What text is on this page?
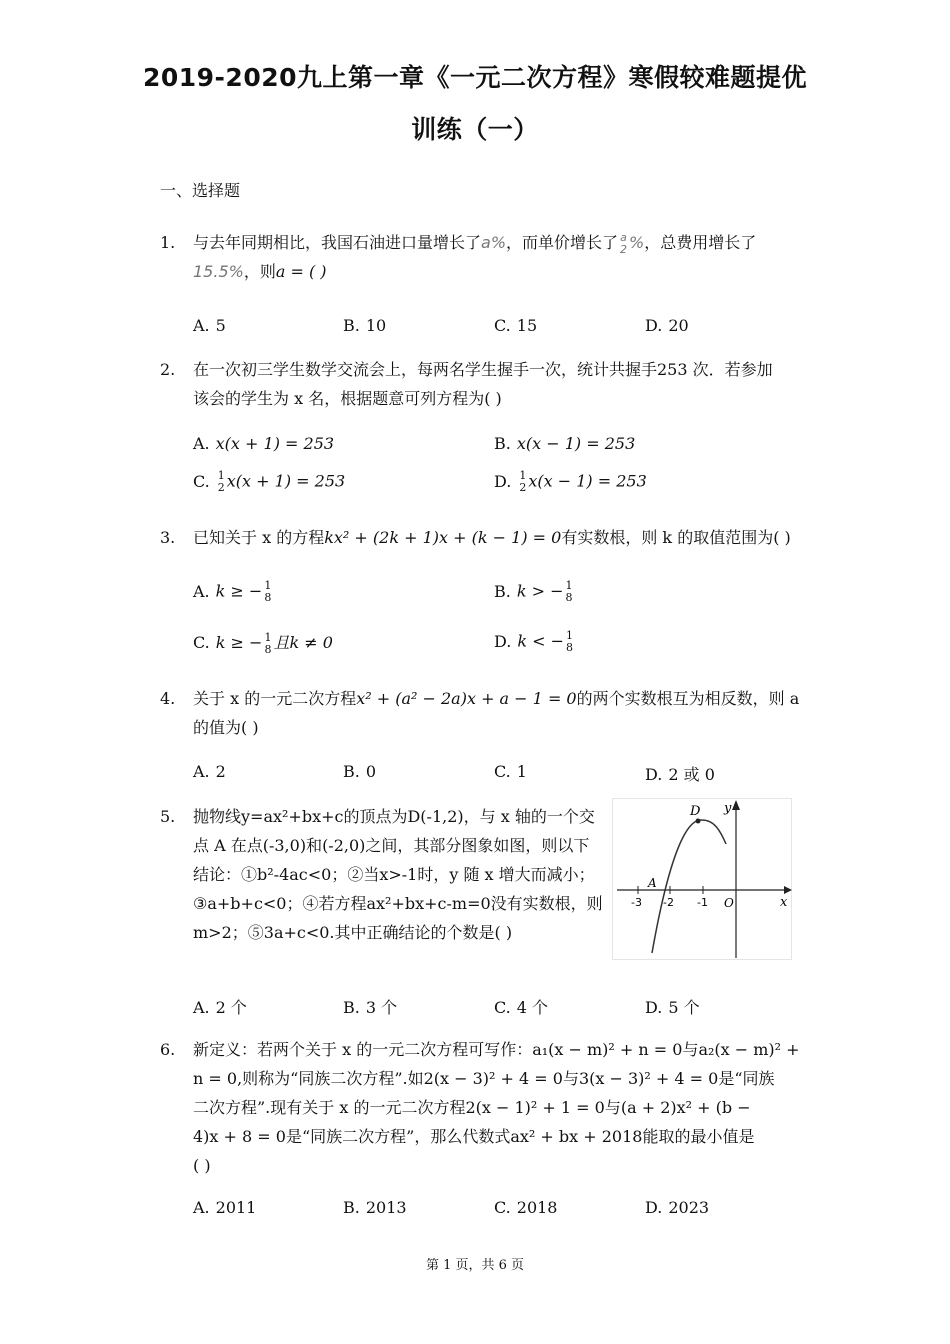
2019-2020九上第一章《一元二次方程》寒假较难题提优
训练（一）
一、选择题
1.	与去年同期相比，我国石油进口量增长了a%，而单价增长了 a
2 %，总费用增长了
15.5%，则a = ( )
A. 5	B. 10	C. 15	D. 20
2.	在一次初三学生数学交流会上，每两名学生握手一次，统计共握手253 次．若参加
该会的学生为 x 名，根据题意可列方程为( )
A. x(x + 1) = 253	B. x(x − 1) = 253
C. 1
2 x(x + 1) = 253	D. 1
2 x(x − 1) = 253
3.	已知关于 x 的方程kx² + (2k + 1)x + (k − 1) = 0有实数根，则 k 的取值范围为( )
A. k ≥ − 1
8	B. k > − 1
8
C. k ≥ − 1
8 且k ≠ 0	D. k < − 1
8
4.	关于 x 的一元二次方程x² + (a² − 2a)x + a − 1 = 0的两个实数根互为相反数，则 a
的值为( )
A. 2	B. 0	C. 1	D. 2 或 0
5.	抛物线y=ax²+bx+c的顶点为D(-1,2)，与 x 轴的一个交
点 A 在点(-3,0)和(-2,0)之间，其部分图象如图，则以下
结论：①b²-4ac<0；②当x>-1时，y 随 x 增大而减小；
③a+b+c<0；④若方程ax²+bx+c-m=0没有实数根，则
m>2；⑤3a+c<0.其中正确结论的个数是( )
D
A
y
x
O
-3 -2 -1
A. 2 个	B. 3 个	C. 4 个	D. 5 个
6.	新定义：若两个关于 x 的一元二次方程可写作：a₁(x − m)² + n = 0与a₂(x − m)² +
n = 0,则称为“同族二次方程”.如2(x − 3)² + 4 = 0与3(x − 3)² + 4 = 0是“同族
二次方程”.现有关于 x 的一元二次方程2(x − 1)² + 1 = 0与(a + 2)x² + (b −
4)x + 8 = 0是“同族二次方程”，那么代数式ax² + bx + 2018能取的最小值是
( )
A. 2011	B. 2013	C. 2018	D. 2023
第 1 页，共 6 页
